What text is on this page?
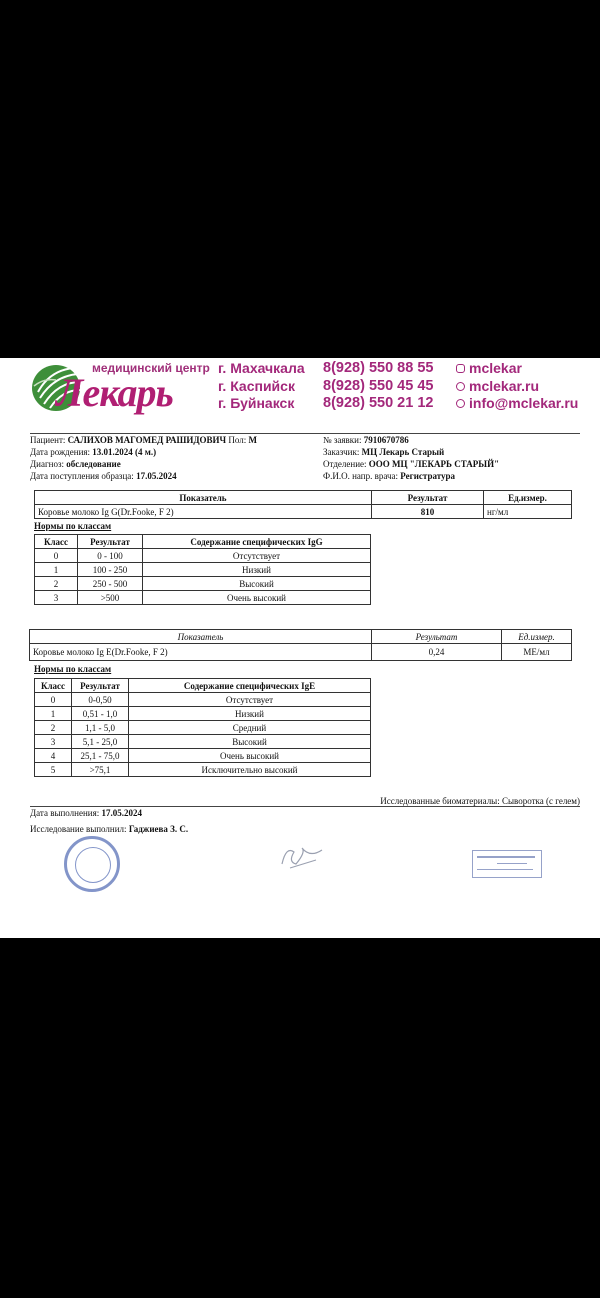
медицинский центр
Лекарь
г. Махачкала
г. Каспийск
г. Буйнакск
8(928) 550 88 55
8(928) 550 45 45
8(928) 550 21 12
mclekar
mclekar.ru
info@mclekar.ru
Пациент: САЛИХОВ МАГОМЕД РАШИДОВИЧ Пол: М
Дата рождения: 13.01.2024 (4 м.)
Диагноз: обследование
Дата поступления образца: 17.05.2024
№ заявки: 7910670786
Заказчик: МЦ Лекарь Старый
Отделение: ООО МЦ "ЛЕКАРЬ СТАРЫЙ"
Ф.И.О. напр. врача: Регистратура
Показатель	Результат	Ед.измер.
Коровье молоко Ig G(Dr.Fooke, F 2)	810	нг/мл
Нормы по классам
Класс	Результат	Содержание специфических IgG
0	0 - 100	Отсутствует
1	100 - 250	Низкий
2	250 - 500	Высокий
3	>500	Очень высокий
Показатель	Результат	Ед.измер.
Коровье молоко Ig E(Dr.Fooke, F 2)	0,24	МЕ/мл
Нормы по классам
Класс	Результат	Содержание специфических IgE
0	0-0,50	Отсутствует
1	0,51 - 1,0	Низкий
2	1,1 - 5,0	Средний
3	5,1 - 25,0	Высокий
4	25,1 - 75,0	Очень высокий
5	>75,1	Исключительно высокий
Исследованные биоматериалы: Сыворотка (с гелем)
Дата выполнения: 17.05.2024
Исследование выполнил: Гаджиева З. С.
